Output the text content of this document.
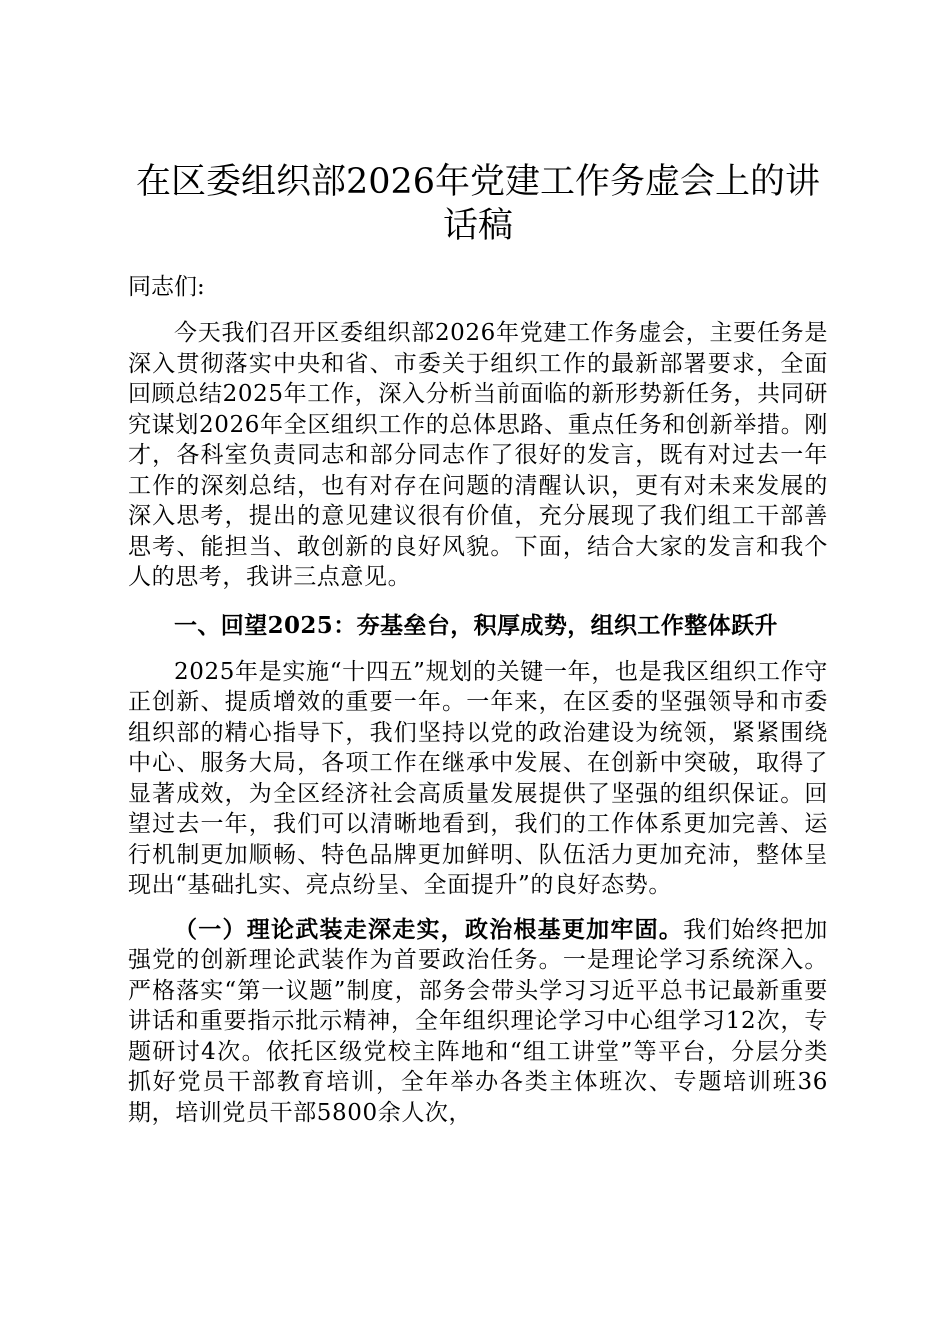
在区委组织部2026年党建工作务虚会上的讲话稿

同志们:

今天我们召开区委组织部2026年党建工作务虚会，主要任务是深入贯彻落实中央和省、市委关于组织工作的最新部署要求，全面回顾总结2025年工作，深入分析当前面临的新形势新任务，共同研究谋划2026年全区组织工作的总体思路、重点任务和创新举措。刚才，各科室负责同志和部分同志作了很好的发言，既有对过去一年工作的深刻总结，也有对存在问题的清醒认识，更有对未来发展的深入思考，提出的意见建议很有价值，充分展现了我们组工干部善思考、能担当、敢创新的良好风貌。下面，结合大家的发言和我个人的思考，我讲三点意见。

一、回望2025：夯基垒台，积厚成势，组织工作整体跃升

2025年是实施“十四五”规划的关键一年，也是我区组织工作守正创新、提质增效的重要一年。一年来，在区委的坚强领导和市委组织部的精心指导下，我们坚持以党的政治建设为统领，紧紧围绕中心、服务大局，各项工作在继承中发展、在创新中突破，取得了显著成效，为全区经济社会高质量发展提供了坚强的组织保证。回望过去一年，我们可以清晰地看到，我们的工作体系更加完善、运行机制更加顺畅、特色品牌更加鲜明、队伍活力更加充沛，整体呈现出“基础扎实、亮点纷呈、全面提升”的良好态势。

（一）理论武装走深走实，政治根基更加牢固。我们始终把加强党的创新理论武装作为首要政治任务。一是理论学习系统深入。严格落实“第一议题”制度，部务会带头学习习近平总书记最新重要讲话和重要指示批示精神，全年组织理论学习中心组学习12次，专题研讨4次。依托区级党校主阵地和“组工讲堂”等平台，分层分类抓好党员干部教育培训，全年举办各类主体班次、专题培训班36期，培训党员干部5800余人次，
